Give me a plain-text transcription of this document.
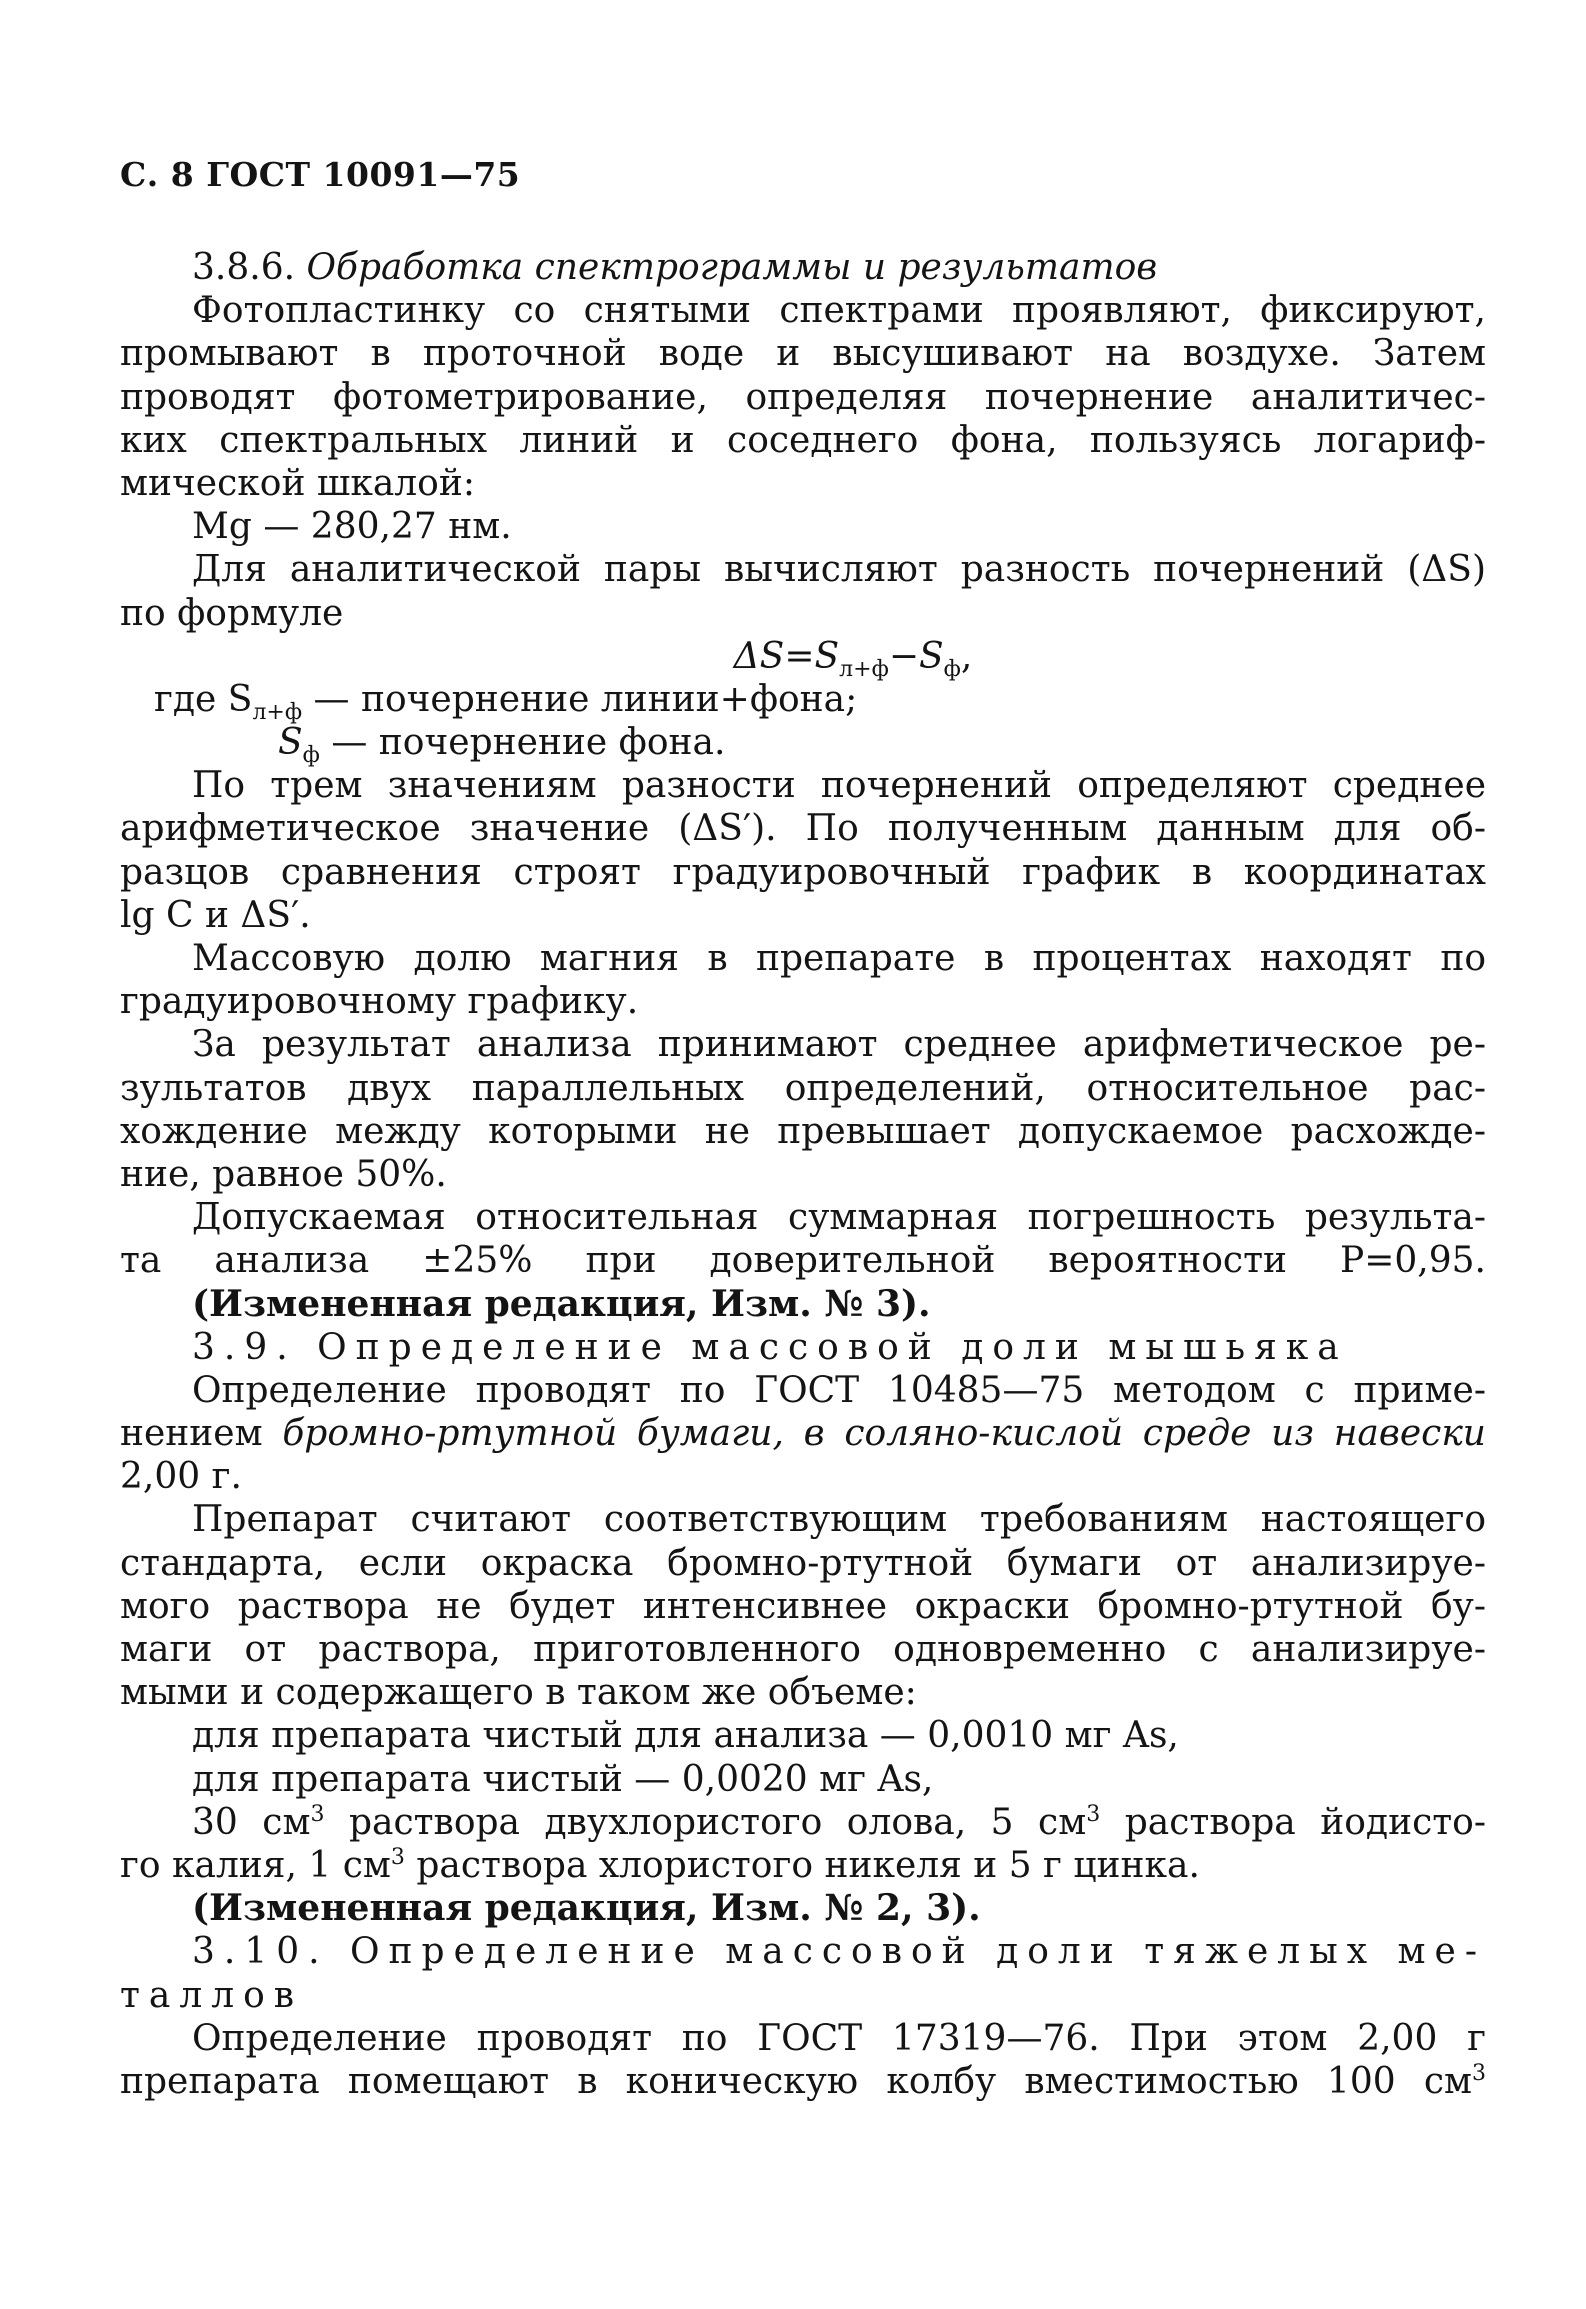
С. 8 ГОСТ 10091—75
3.8.6. Обработка спектрограммы и результатов
Фотопластинку со снятыми спектрами проявляют, фиксируют,
промывают в проточной воде и высушивают на воздухе. Затем
проводят фотометрирование, определяя почернение аналитичес-
ких спектральных линий и соседнего фона, пользуясь логариф-
мической шкалой:
Mg — 280,27 нм.
Для аналитической пары вычисляют разность почернений (ΔS)
по формуле
$\Delta S=S_{л+ф}-S_ф$,
где $S_{л+ф}$ — почернение линии+фона;
$S_ф$ — почернение фона.
По трем значениям разности почернений определяют среднее
арифметическое значение (ΔS′). По полученным данным для об-
разцов сравнения строят градуировочный график в координатах
lg C и ΔS′.
Массовую долю магния в препарате в процентах находят по
градуировочному графику.
За результат анализа принимают среднее арифметическое ре-
зультатов двух параллельных определений, относительное рас-
хождение между которыми не превышает допускаемое расхожде-
ние, равное 50%.
Допускаемая относительная суммарная погрешность результа-
та анализа ±25% при доверительной вероятности P=0,95.
(Измененная редакция, Изм. № 3).
3.9. Определение массовой доли мышьяка
Определение проводят по ГОСТ 10485—75 методом с приме-
нением бромно-ртутной бумаги, в соляно-кислой среде из навески
2,00 г.
Препарат считают соответствующим требованиям настоящего
стандарта, если окраска бромно-ртутной бумаги от анализируе-
мого раствора не будет интенсивнее окраски бромно-ртутной бу-
маги от раствора, приготовленного одновременно с анализируе-
мыми и содержащего в таком же объеме:
для препарата чистый для анализа — 0,0010 мг As,
для препарата чистый — 0,0020 мг As,
30 $см^3$ раствора двухлористого олова, 5 $см^3$ раствора йодисто-
го калия, 1 $см^3$ раствора хлористого никеля и 5 г цинка.
(Измененная редакция, Изм. № 2, 3).
3.10. Определение массовой доли тяжелых ме-
таллов
Определение проводят по ГОСТ 17319—76. При этом 2,00 г
препарата помещают в коническую колбу вместимостью 100 $см^3$
